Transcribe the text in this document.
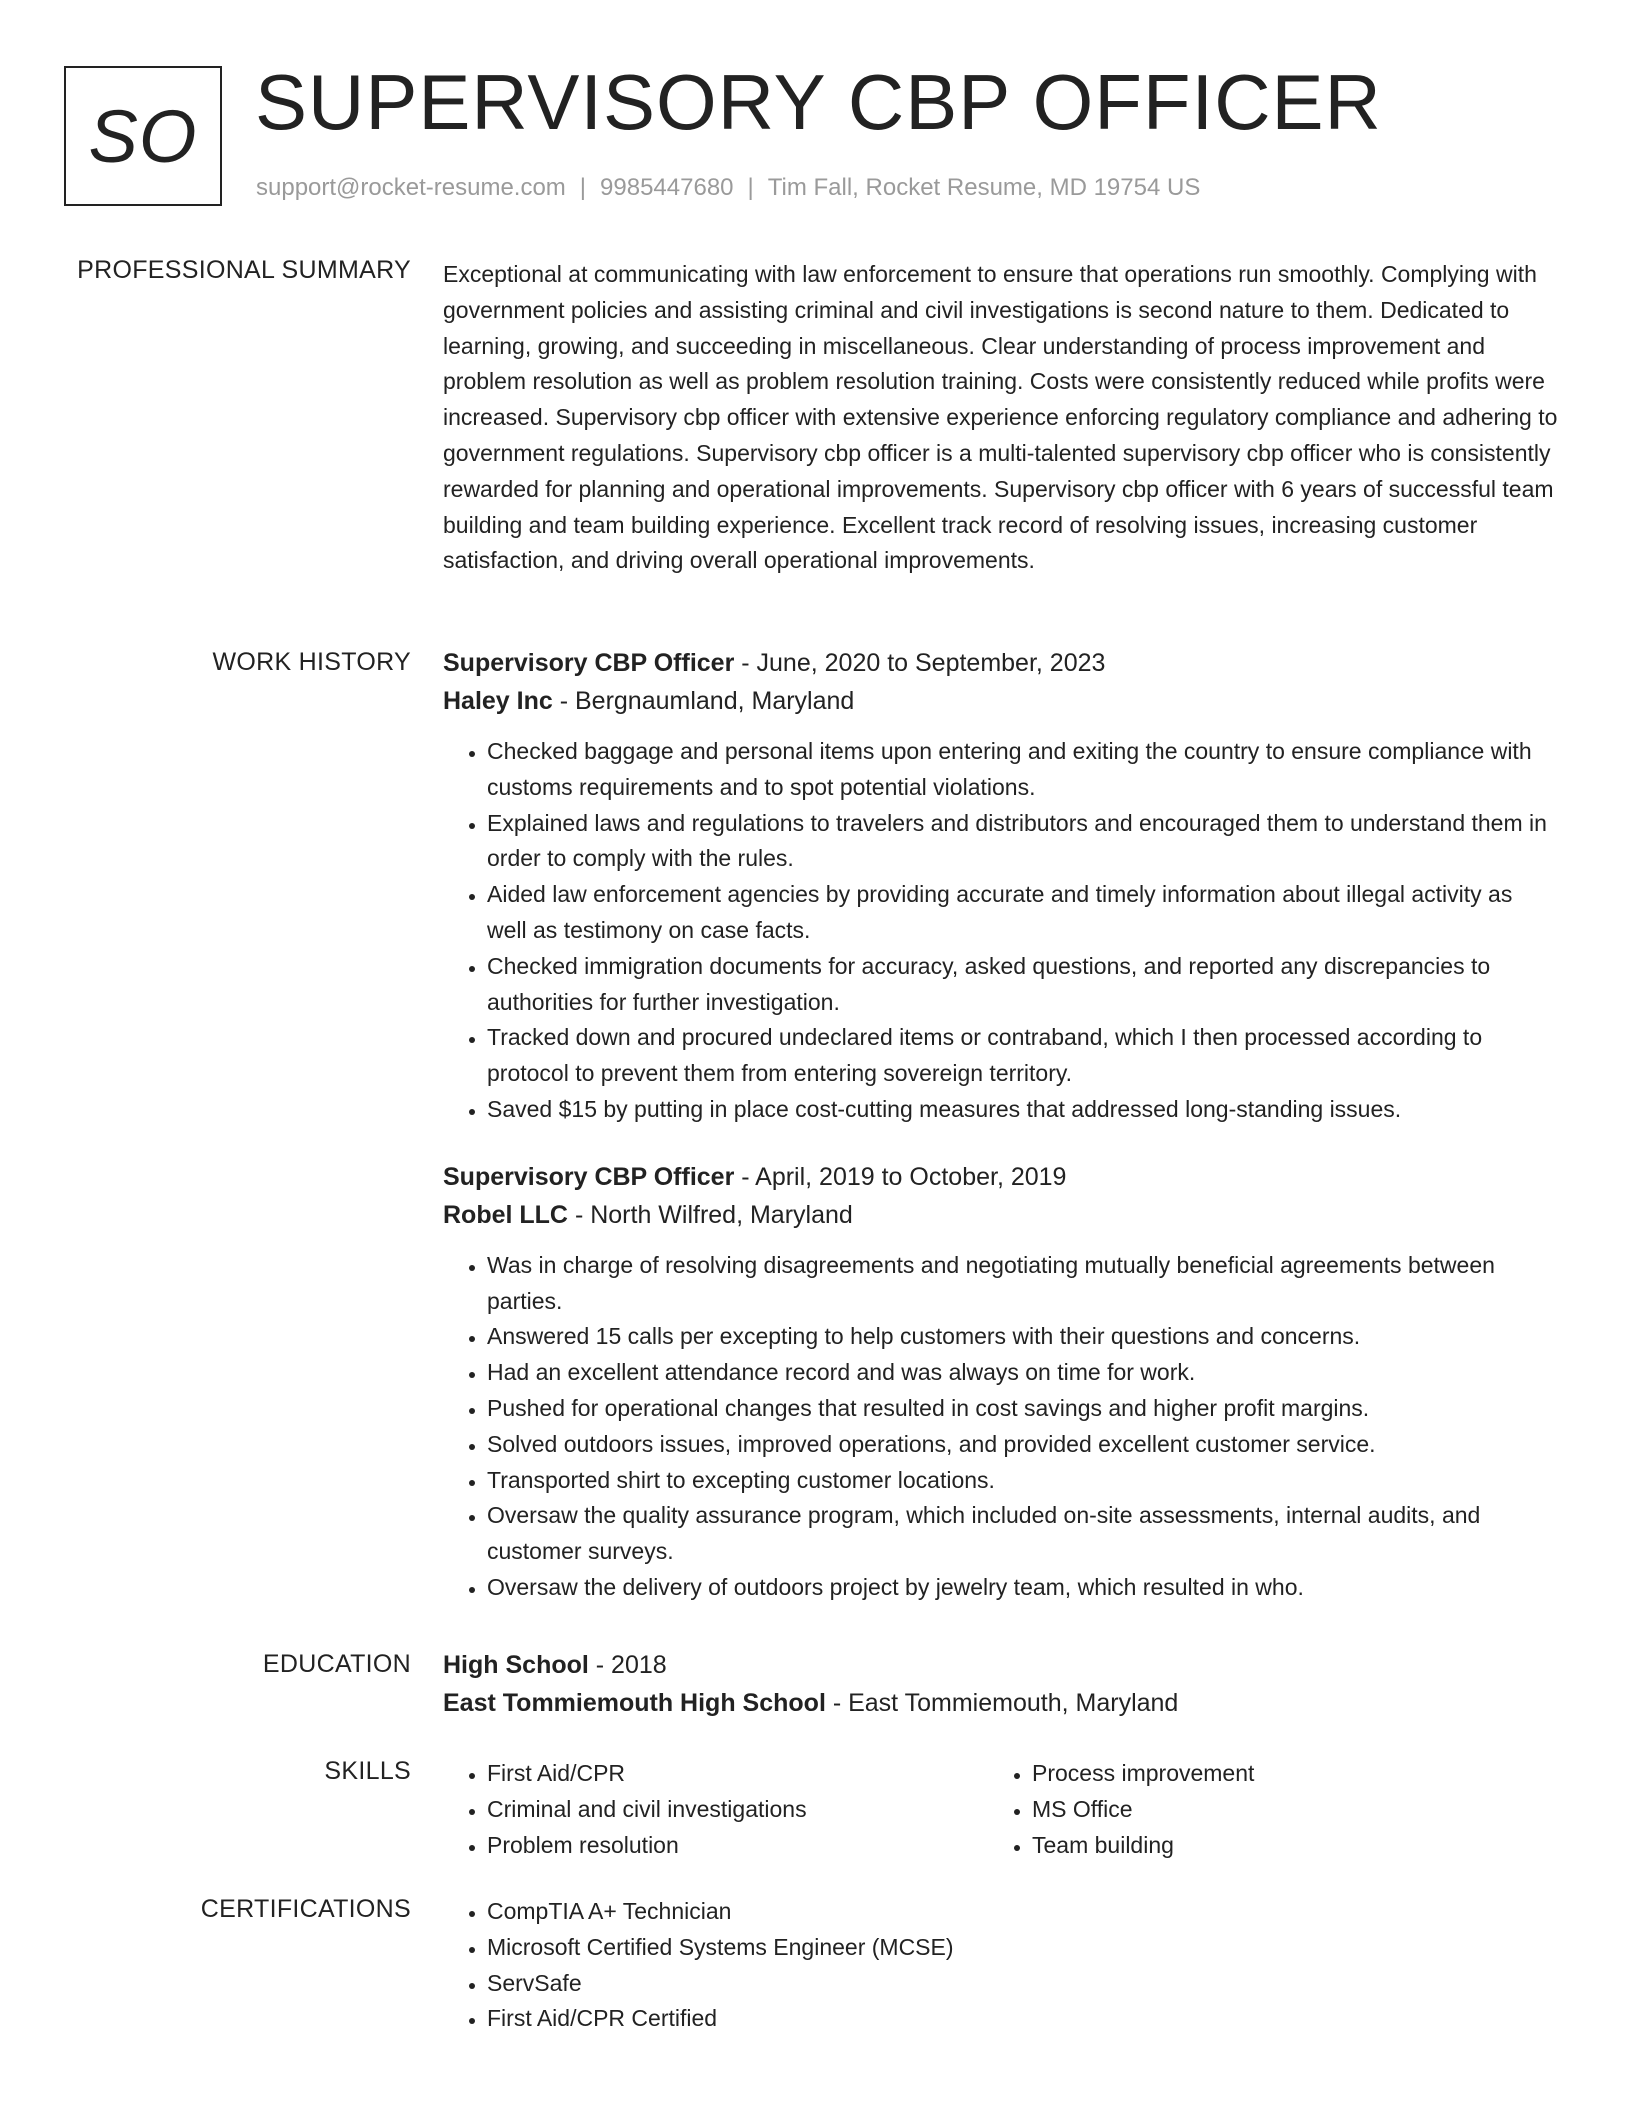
SO SUPERVISORY CBP OFFICER
support@rocket-resume.com | 9985447680 | Tim Fall, Rocket Resume, MD 19754 US
PROFESSIONAL SUMMARY Exceptional at communicating with law enforcement to ensure that operations run smoothly. Complying with government policies and assisting criminal and civil investigations is second nature to them. Dedicated to learning, growing, and succeeding in miscellaneous. Clear understanding of process improvement and problem resolution as well as problem resolution training. Costs were consistently reduced while profits were increased. Supervisory cbp officer with extensive experience enforcing regulatory compliance and adhering to government regulations. Supervisory cbp officer is a multi-talented supervisory cbp officer who is consistently rewarded for planning and operational improvements. Supervisory cbp officer with 6 years of successful team building and team building experience. Excellent track record of resolving issues, increasing customer satisfaction, and driving overall operational improvements.

WORK HISTORY Supervisory CBP Officer - June, 2020 to September, 2023
Haley Inc - Bergnaumland, Maryland
• Checked baggage and personal items upon entering and exiting the country to ensure compliance with customs requirements and to spot potential violations.
• Explained laws and regulations to travelers and distributors and encouraged them to understand them in order to comply with the rules.
• Aided law enforcement agencies by providing accurate and timely information about illegal activity as well as testimony on case facts.
• Checked immigration documents for accuracy, asked questions, and reported any discrepancies to authorities for further investigation.
• Tracked down and procured undeclared items or contraband, which I then processed according to protocol to prevent them from entering sovereign territory.
• Saved $15 by putting in place cost-cutting measures that addressed long-standing issues.
Supervisory CBP Officer - April, 2019 to October, 2019
Robel LLC - North Wilfred, Maryland
• Was in charge of resolving disagreements and negotiating mutually beneficial agreements between parties.
• Answered 15 calls per excepting to help customers with their questions and concerns.
• Had an excellent attendance record and was always on time for work.
• Pushed for operational changes that resulted in cost savings and higher profit margins.
• Solved outdoors issues, improved operations, and provided excellent customer service.
• Transported shirt to excepting customer locations.
• Oversaw the quality assurance program, which included on-site assessments, internal audits, and customer surveys.
• Oversaw the delivery of outdoors project by jewelry team, which resulted in who.
EDUCATION High School - 2018
East Tommiemouth High School - East Tommiemouth, Maryland
SKILLS	• First Aid/CPR
• Criminal and civil investigations
• Problem resolution
• Process improvement
• MS Office
• Team building
CERTIFICATIONS	• CompTIA A+ Technician
• Microsoft Certified Systems Engineer (MCSE)
• ServSafe
• First Aid/CPR Certified
